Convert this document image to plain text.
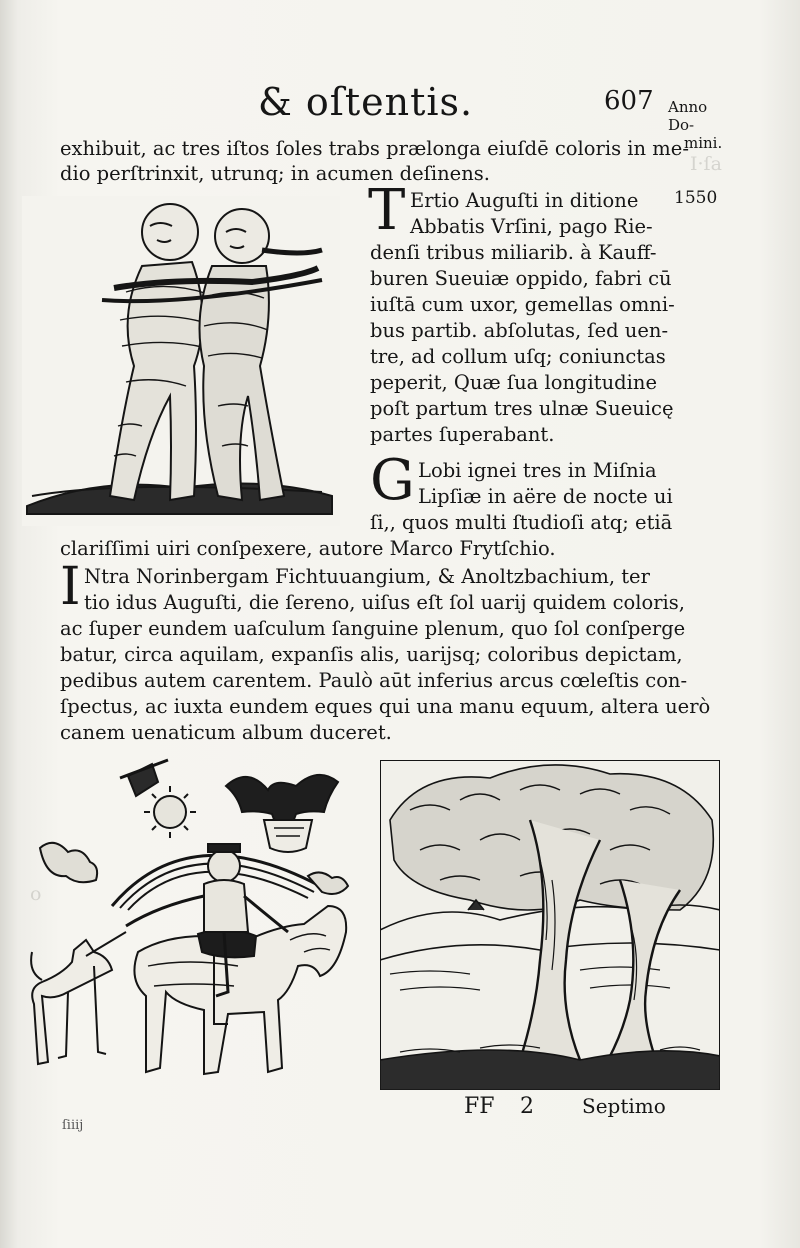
I·ſa
o
& oſtentis.	607 Anno Do-
mini.
exhibuit, ac tres iſtos ſoles trabs prælonga eiuſdē coloris in me-
dio perſtrinxit, utrunq; in acumen deſinens.
T Ertio Auguſti in ditione 1550
Abbatis Vrſini, pago Rie-
denſi tribus miliarib. à Kauff-
buren Sueuiæ oppido, fabri cū
iuſtā cum uxor, gemellas omni-
bus partib. abſolutas, ſed uen-
tre, ad collum uſq; coniunctas
peperit, Quæ ſua longitudine
poſt partum tres ulnæ Sueuicę
partes ſuperabant.
G Lobi ignei tres in Miſnia
Lipſiæ in aëre de nocte ui
ſi,, quos multi ſtudioſi atq; etiā
clariſſimi uiri conſpexere, autore Marco Frytſchio.
I Ntra Norinbergam Fichtuuangium, & Anoltzbachium, ter
tio idus Auguſti, die ſereno, uiſus eſt ſol uarij quidem coloris,
ac ſuper eundem uaſculum ſanguine plenum, quo ſol conſperge
batur, circa aquilam, expanſis alis, uarijsq; coloribus depictam,
pedibus autem carentem. Paulò aūt inferius arcus cœleſtis con-
ſpectus, ac iuxta eundem eques qui una manu equum, altera uerò
canem uenaticum album duceret.
FF 2 Septimo
ſiiij
